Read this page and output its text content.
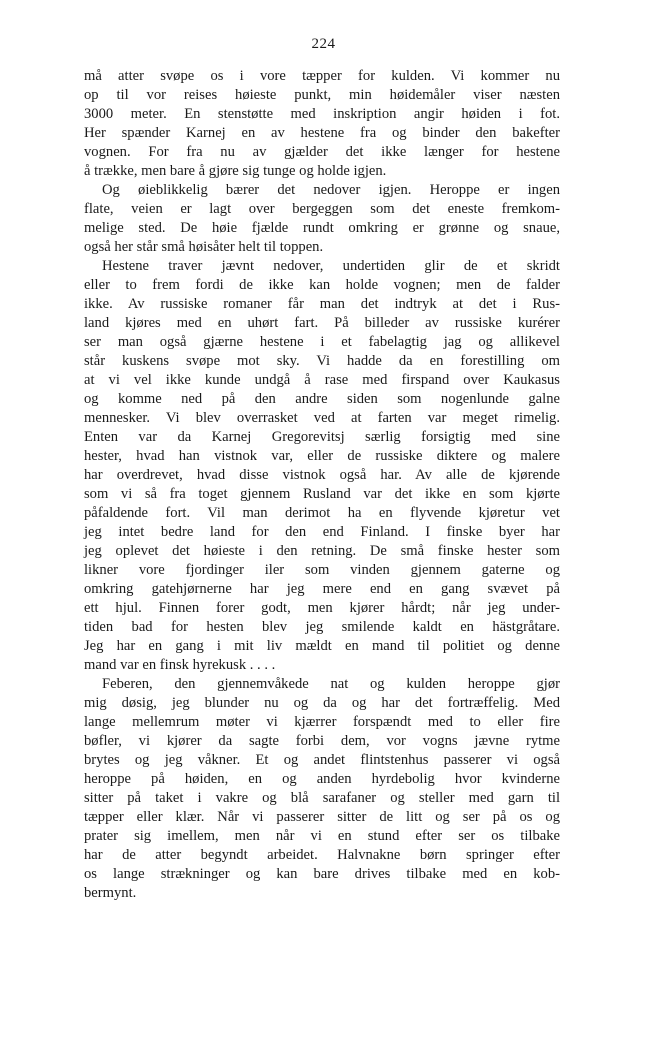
224
må atter svøpe os i vore tæpper for kulden. Vi kommer nu
op til vor reises høieste punkt, min høidemåler viser næsten
3000 meter. En stenstøtte med inskription angir høiden i fot.
Her spænder Karnej en av hestene fra og binder den bakefter
vognen. For fra nu av gjælder det ikke længer for hestene
å trække, men bare å gjøre sig tunge og holde igjen.
Og øieblikkelig bærer det nedover igjen. Heroppe er ingen
flate, veien er lagt over bergeggen som det eneste fremkom-
melige sted. De høie fjælde rundt omkring er grønne og snaue,
også her står små høisåter helt til toppen.
Hestene traver jævnt nedover, undertiden glir de et skridt
eller to frem fordi de ikke kan holde vognen; men de falder
ikke. Av russiske romaner får man det indtryk at det i Rus-
land kjøres med en uhørt fart. På billeder av russiske kurérer
ser man også gjærne hestene i et fabelagtig jag og allikevel
står kuskens svøpe mot sky. Vi hadde da en forestilling om
at vi vel ikke kunde undgå å rase med firspand over Kaukasus
og komme ned på den andre siden som nogenlunde galne
mennesker. Vi blev overrasket ved at farten var meget rimelig.
Enten var da Karnej Gregorevitsj særlig forsigtig med sine
hester, hvad han vistnok var, eller de russiske diktere og malere
har overdrevet, hvad disse vistnok også har. Av alle de kjørende
som vi så fra toget gjennem Rusland var det ikke en som kjørte
påfaldende fort. Vil man derimot ha en flyvende kjøretur vet
jeg intet bedre land for den end Finland. I finske byer har
jeg oplevet det høieste i den retning. De små finske hester som
likner vore fjordinger iler som vinden gjennem gaterne og
omkring gatehjørnerne har jeg mere end en gang svævet på
ett hjul. Finnen forer godt, men kjører hårdt; når jeg under-
tiden bad for hesten blev jeg smilende kaldt en hästgråtare.
Jeg har en gang i mit liv mældt en mand til politiet og denne
mand var en finsk hyrekusk . . . .
Feberen, den gjennemvåkede nat og kulden heroppe gjør
mig døsig, jeg blunder nu og da og har det fortræffelig. Med
lange mellemrum møter vi kjærrer forspændt med to eller fire
bøfler, vi kjører da sagte forbi dem, vor vogns jævne rytme
brytes og jeg våkner. Et og andet flintstenhus passerer vi også
heroppe på høiden, en og anden hyrdebolig hvor kvinderne
sitter på taket i vakre og blå sarafaner og steller med garn til
tæpper eller klær. Når vi passerer sitter de litt og ser på os og
prater sig imellem, men når vi en stund efter ser os tilbake
har de atter begyndt arbeidet. Halvnakne børn springer efter
os lange strækninger og kan bare drives tilbake med en kob-
bermynt.
